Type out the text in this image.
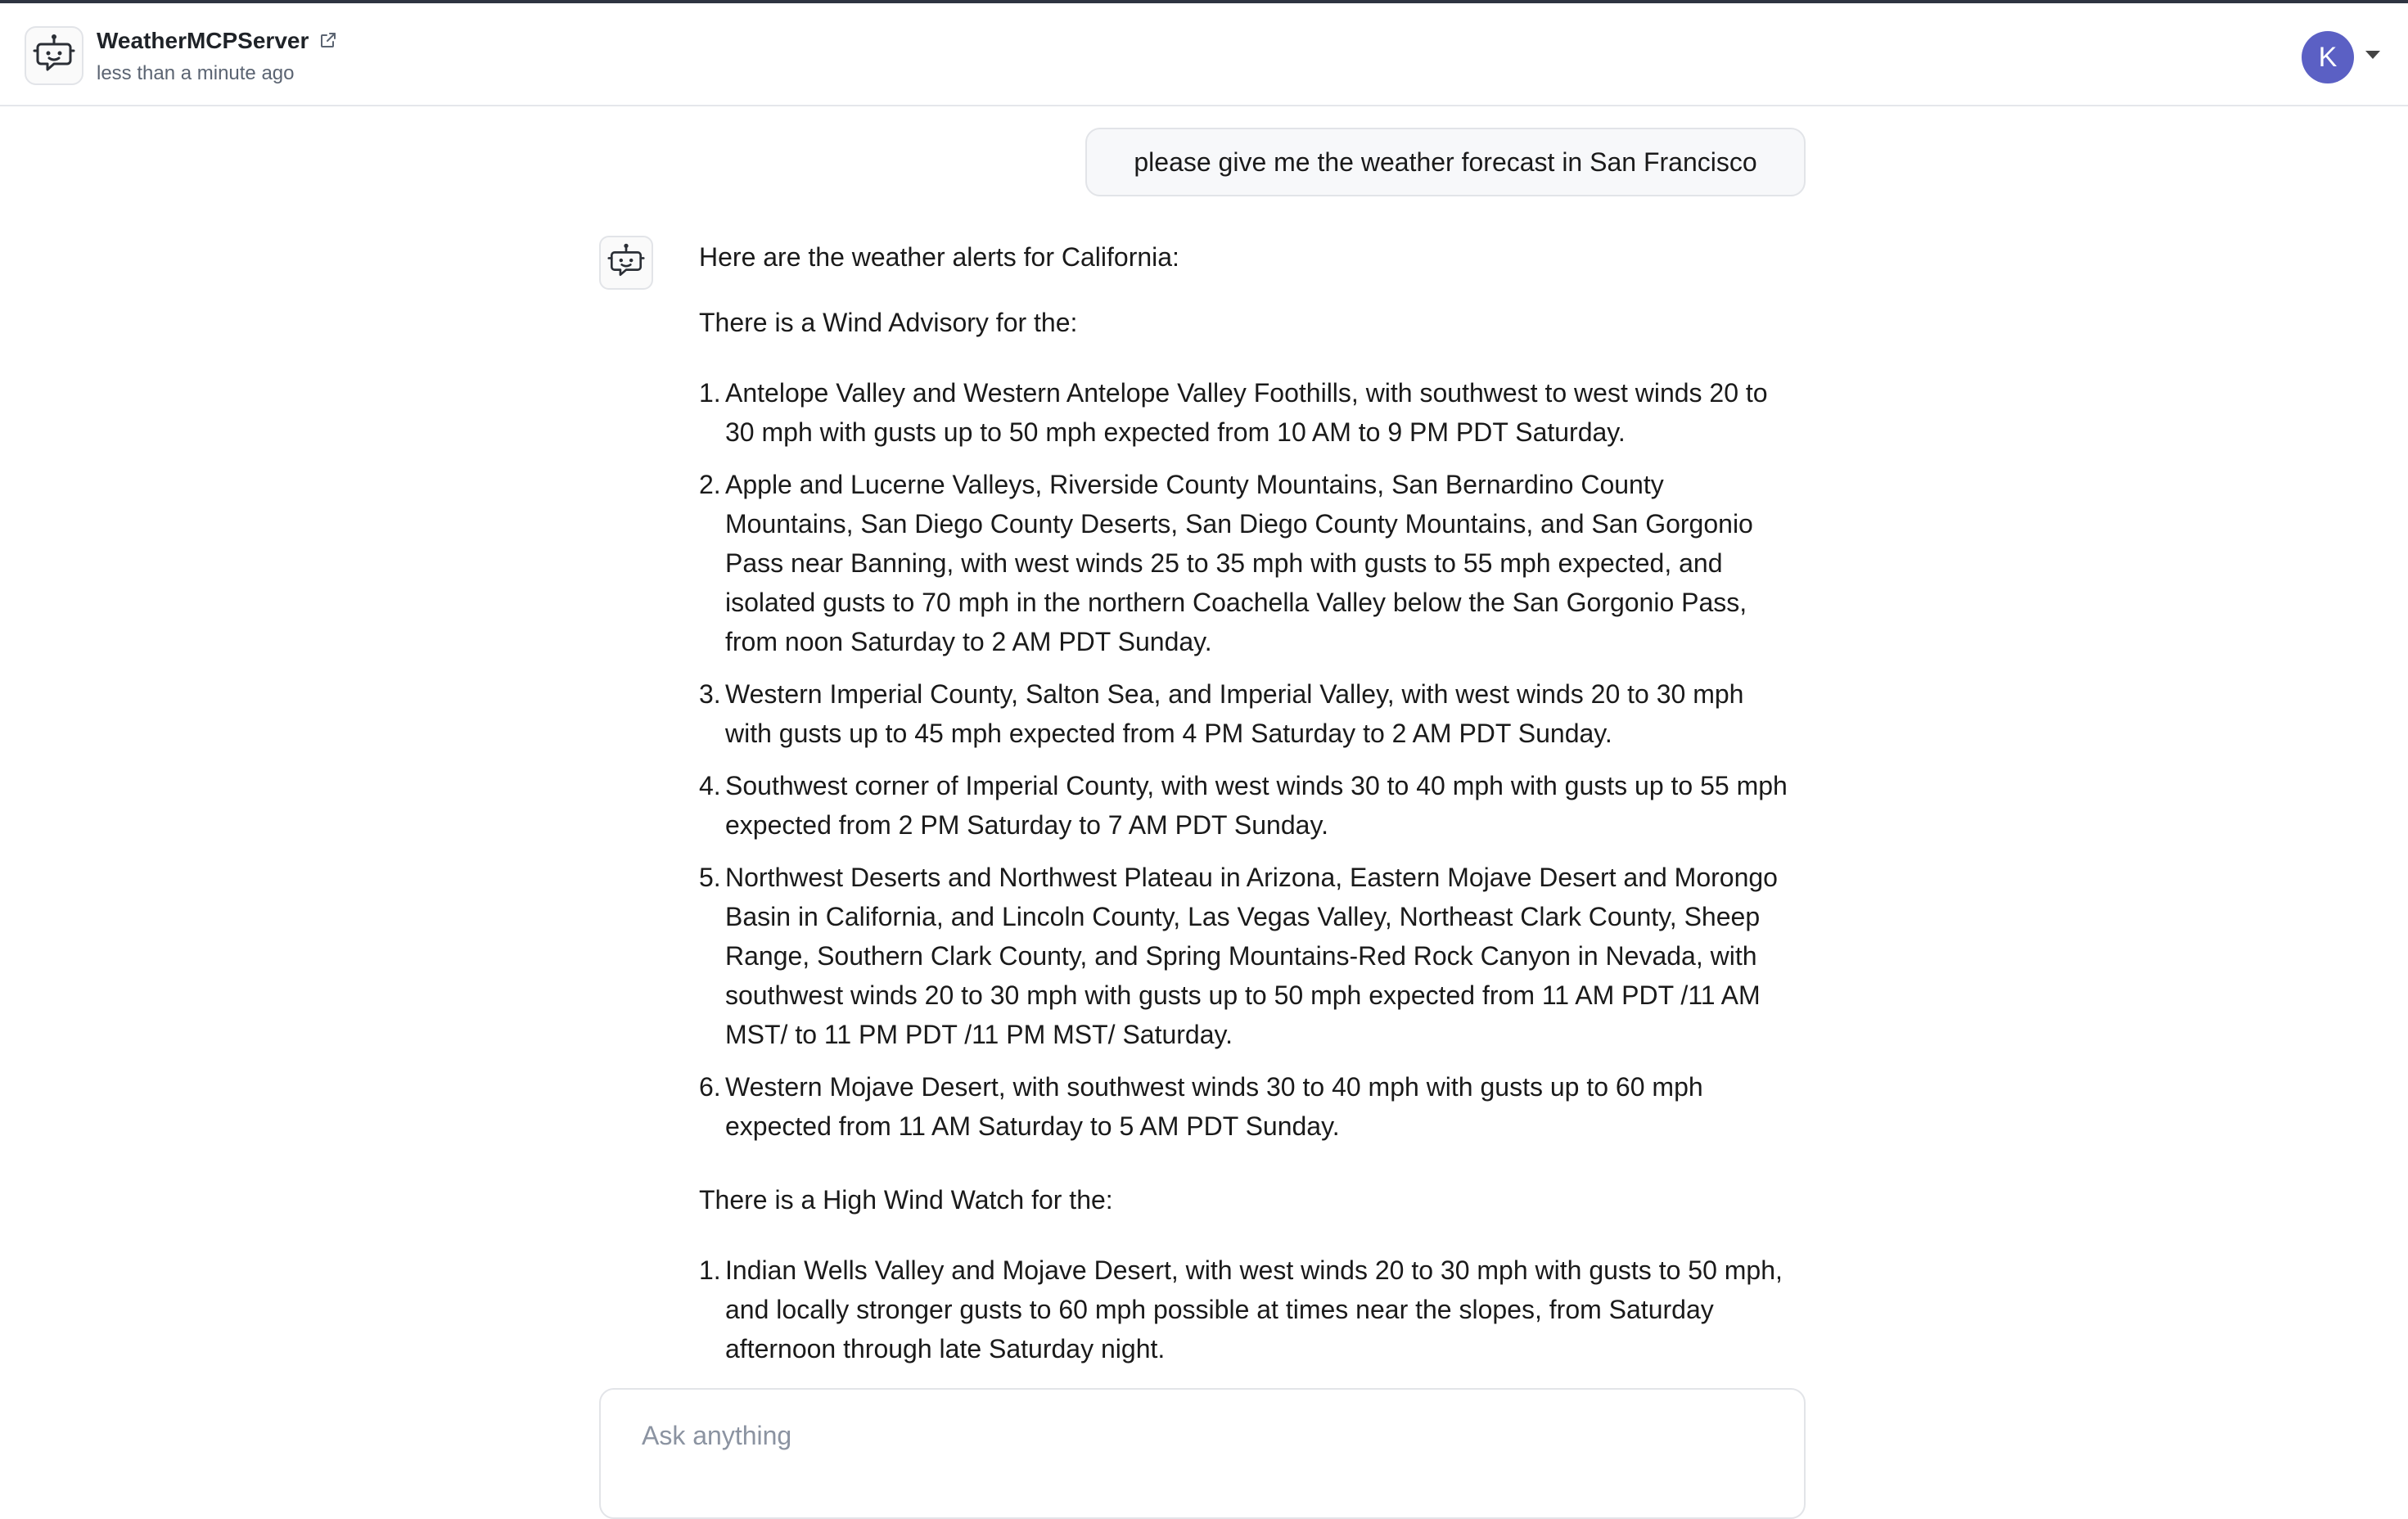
WeatherMCPServer
less than a minute ago
K
please give me the weather forecast in San Francisco

Here are the weather alerts for California:

There is a Wind Advisory for the:

1. Antelope Valley and Western Antelope Valley Foothills, with southwest to west winds 20 to 30 mph with gusts up to 50 mph expected from 10 AM to 9 PM PDT Saturday.
2. Apple and Lucerne Valleys, Riverside County Mountains, San Bernardino County Mountains, San Diego County Deserts, San Diego County Mountains, and San Gorgonio Pass near Banning, with west winds 25 to 35 mph with gusts to 55 mph expected, and isolated gusts to 70 mph in the northern Coachella Valley below the San Gorgonio Pass, from noon Saturday to 2 AM PDT Sunday.
3. Western Imperial County, Salton Sea, and Imperial Valley, with west winds 20 to 30 mph with gusts up to 45 mph expected from 4 PM Saturday to 2 AM PDT Sunday.
4. Southwest corner of Imperial County, with west winds 30 to 40 mph with gusts up to 55 mph expected from 2 PM Saturday to 7 AM PDT Sunday.
5. Northwest Deserts and Northwest Plateau in Arizona, Eastern Mojave Desert and Morongo Basin in California, and Lincoln County, Las Vegas Valley, Northeast Clark County, Sheep Range, Southern Clark County, and Spring Mountains-Red Rock Canyon in Nevada, with southwest winds 20 to 30 mph with gusts up to 50 mph expected from 11 AM PDT /11 AM MST/ to 11 PM PDT /11 PM MST/ Saturday.
6. Western Mojave Desert, with southwest winds 30 to 40 mph with gusts up to 60 mph expected from 11 AM Saturday to 5 AM PDT Sunday.

There is a High Wind Watch for the:

1. Indian Wells Valley and Mojave Desert, with west winds 20 to 30 mph with gusts to 50 mph, and locally stronger gusts to 60 mph possible at times near the slopes, from Saturday afternoon through late Saturday night.
Ask anything
